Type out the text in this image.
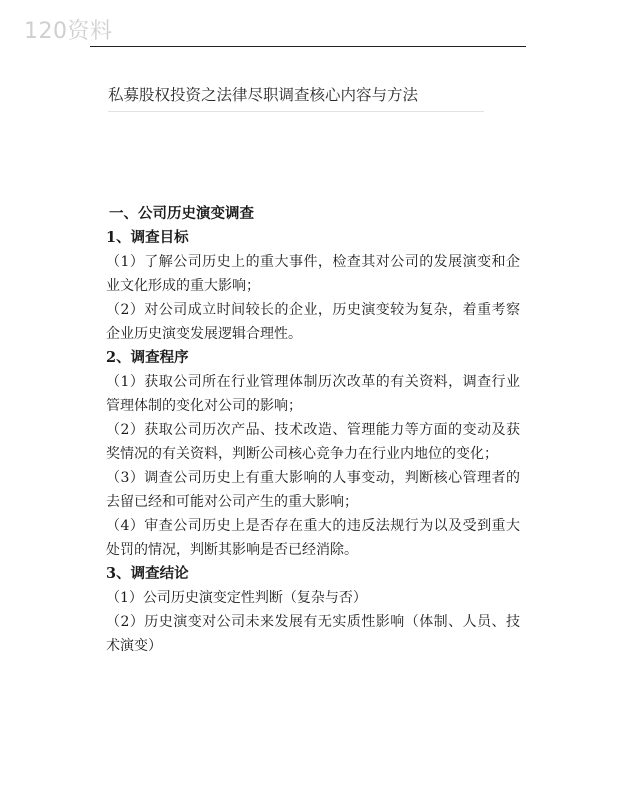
120资料
私募股权投资之法律尽职调查核心内容与方法
一、公司历史演变调查
1、调查目标

（1）了解公司历史上的重大事件，检查其对公司的发展演变和企业文化形成的重大影响；

（2）对公司成立时间较长的企业，历史演变较为复杂，着重考察企业历史演变发展逻辑合理性。

2、调查程序

（1）获取公司所在行业管理体制历次改革的有关资料，调查行业管理体制的变化对公司的影响；

（2）获取公司历次产品、技术改造、管理能力等方面的变动及获奖情况的有关资料，判断公司核心竞争力在行业内地位的变化；

（3）调查公司历史上有重大影响的人事变动，判断核心管理者的去留已经和可能对公司产生的重大影响；

（4）审查公司历史上是否存在重大的违反法规行为以及受到重大处罚的情况，判断其影响是否已经消除。

3、调查结论

（1）公司历史演变定性判断（复杂与否）

（2）历史演变对公司未来发展有无实质性影响（体制、人员、技术演变）
